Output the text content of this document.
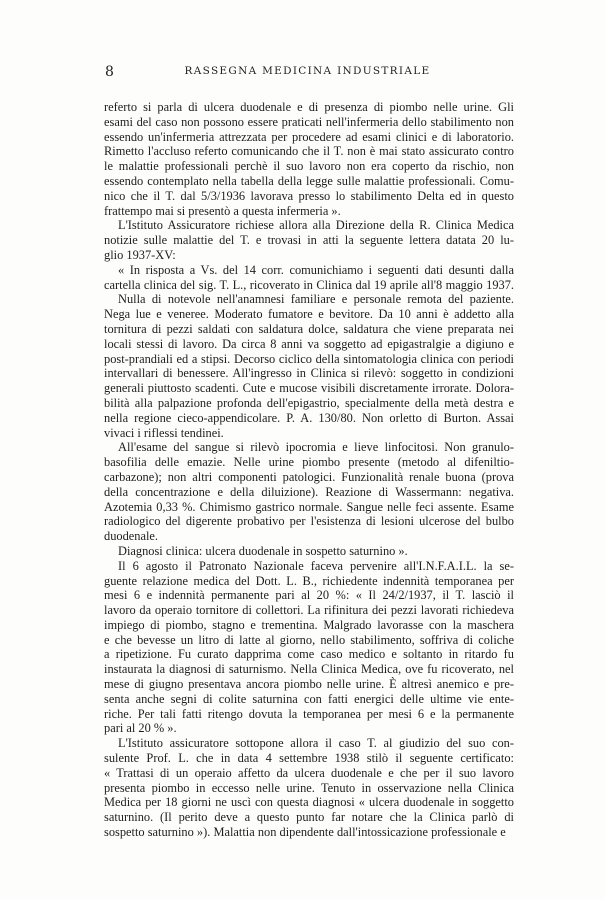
8	RASSEGNA MEDICINA INDUSTRIALE
referto si parla di ulcera duodenale e di presenza di piombo nelle urine. Gli
esami del caso non possono essere praticati nell'infermeria dello stabilimento non
essendo un'infermeria attrezzata per procedere ad esami clinici e di laboratorio.
Rimetto l'accluso referto comunicando che il T. non è mai stato assicurato contro
le malattie professionali perchè il suo lavoro non era coperto da rischio, non
essendo contemplato nella tabella della legge sulle malattie professionali. Comu-
nico che il T. dal 5/3/1936 lavorava presso lo stabilimento Delta ed in questo
frattempo mai si presentò a questa infermeria ».
L'Istituto Assicuratore richiese allora alla Direzione della R. Clinica Medica
notizie sulle malattie del T. e trovasi in atti la seguente lettera datata 20 lu-
glio 1937-XV:
« In risposta a Vs. del 14 corr. comunichiamo i seguenti dati desunti dalla
cartella clinica del sig. T. L., ricoverato in Clinica dal 19 aprile all'8 maggio 1937.
Nulla di notevole nell'anamnesi familiare e personale remota del paziente.
Nega lue e veneree. Moderato fumatore e bevitore. Da 10 anni è addetto alla
tornitura di pezzi saldati con saldatura dolce, saldatura che viene preparata nei
locali stessi di lavoro. Da circa 8 anni va soggetto ad epigastralgie a digiuno e
post-prandiali ed a stipsi. Decorso ciclico della sintomatologia clinica con periodi
intervallari di benessere. All'ingresso in Clinica si rilevò: soggetto in condizioni
generali piuttosto scadenti. Cute e mucose visibili discretamente irrorate. Dolora-
bilità alla palpazione profonda dell'epigastrio, specialmente della metà destra e
nella regione cieco-appendicolare. P. A. 130/80. Non orletto di Burton. Assai
vivaci i riflessi tendinei.
All'esame del sangue si rilevò ipocromia e lieve linfocitosi. Non granulo-
basofilia delle emazie. Nelle urine piombo presente (metodo al difeniltio-
carbazone); non altri componenti patologici. Funzionalità renale buona (prova
della concentrazione e della diluizione). Reazione di Wassermann: negativa.
Azotemia 0,33 %. Chimismo gastrico normale. Sangue nelle feci assente. Esame
radiologico del digerente probativo per l'esistenza di lesioni ulcerose del bulbo
duodenale.
Diagnosi clinica: ulcera duodenale in sospetto saturnino ».
Il 6 agosto il Patronato Nazionale faceva pervenire all'I.N.F.A.I.L. la se-
guente relazione medica del Dott. L. B., richiedente indennità temporanea per
mesi 6 e indennità permanente pari al 20 %: « Il 24/2/1937, il T. lasciò il
lavoro da operaio tornitore di collettori. La rifinitura dei pezzi lavorati richiedeva
impiego di piombo, stagno e trementina. Malgrado lavorasse con la maschera
e che bevesse un litro di latte al giorno, nello stabilimento, soffriva di coliche
a ripetizione. Fu curato dapprima come caso medico e soltanto in ritardo fu
instaurata la diagnosi di saturnismo. Nella Clinica Medica, ove fu ricoverato, nel
mese di giugno presentava ancora piombo nelle urine. È altresì anemico e pre-
senta anche segni di colite saturnina con fatti energici delle ultime vie ente-
riche. Per tali fatti ritengo dovuta la temporanea per mesi 6 e la permanente
pari al 20 % ».
L'Istituto assicuratore sottopone allora il caso T. al giudizio del suo con-
sulente Prof. L. che in data 4 settembre 1938 stilò il seguente certificato:
« Trattasi di un operaio affetto da ulcera duodenale e che per il suo lavoro
presenta piombo in eccesso nelle urine. Tenuto in osservazione nella Clinica
Medica per 18 giorni ne uscì con questa diagnosi « ulcera duodenale in soggetto
saturnino. (Il perito deve a questo punto far notare che la Clinica parlò di
sospetto saturnino »). Malattia non dipendente dall'intossicazione professionale e
